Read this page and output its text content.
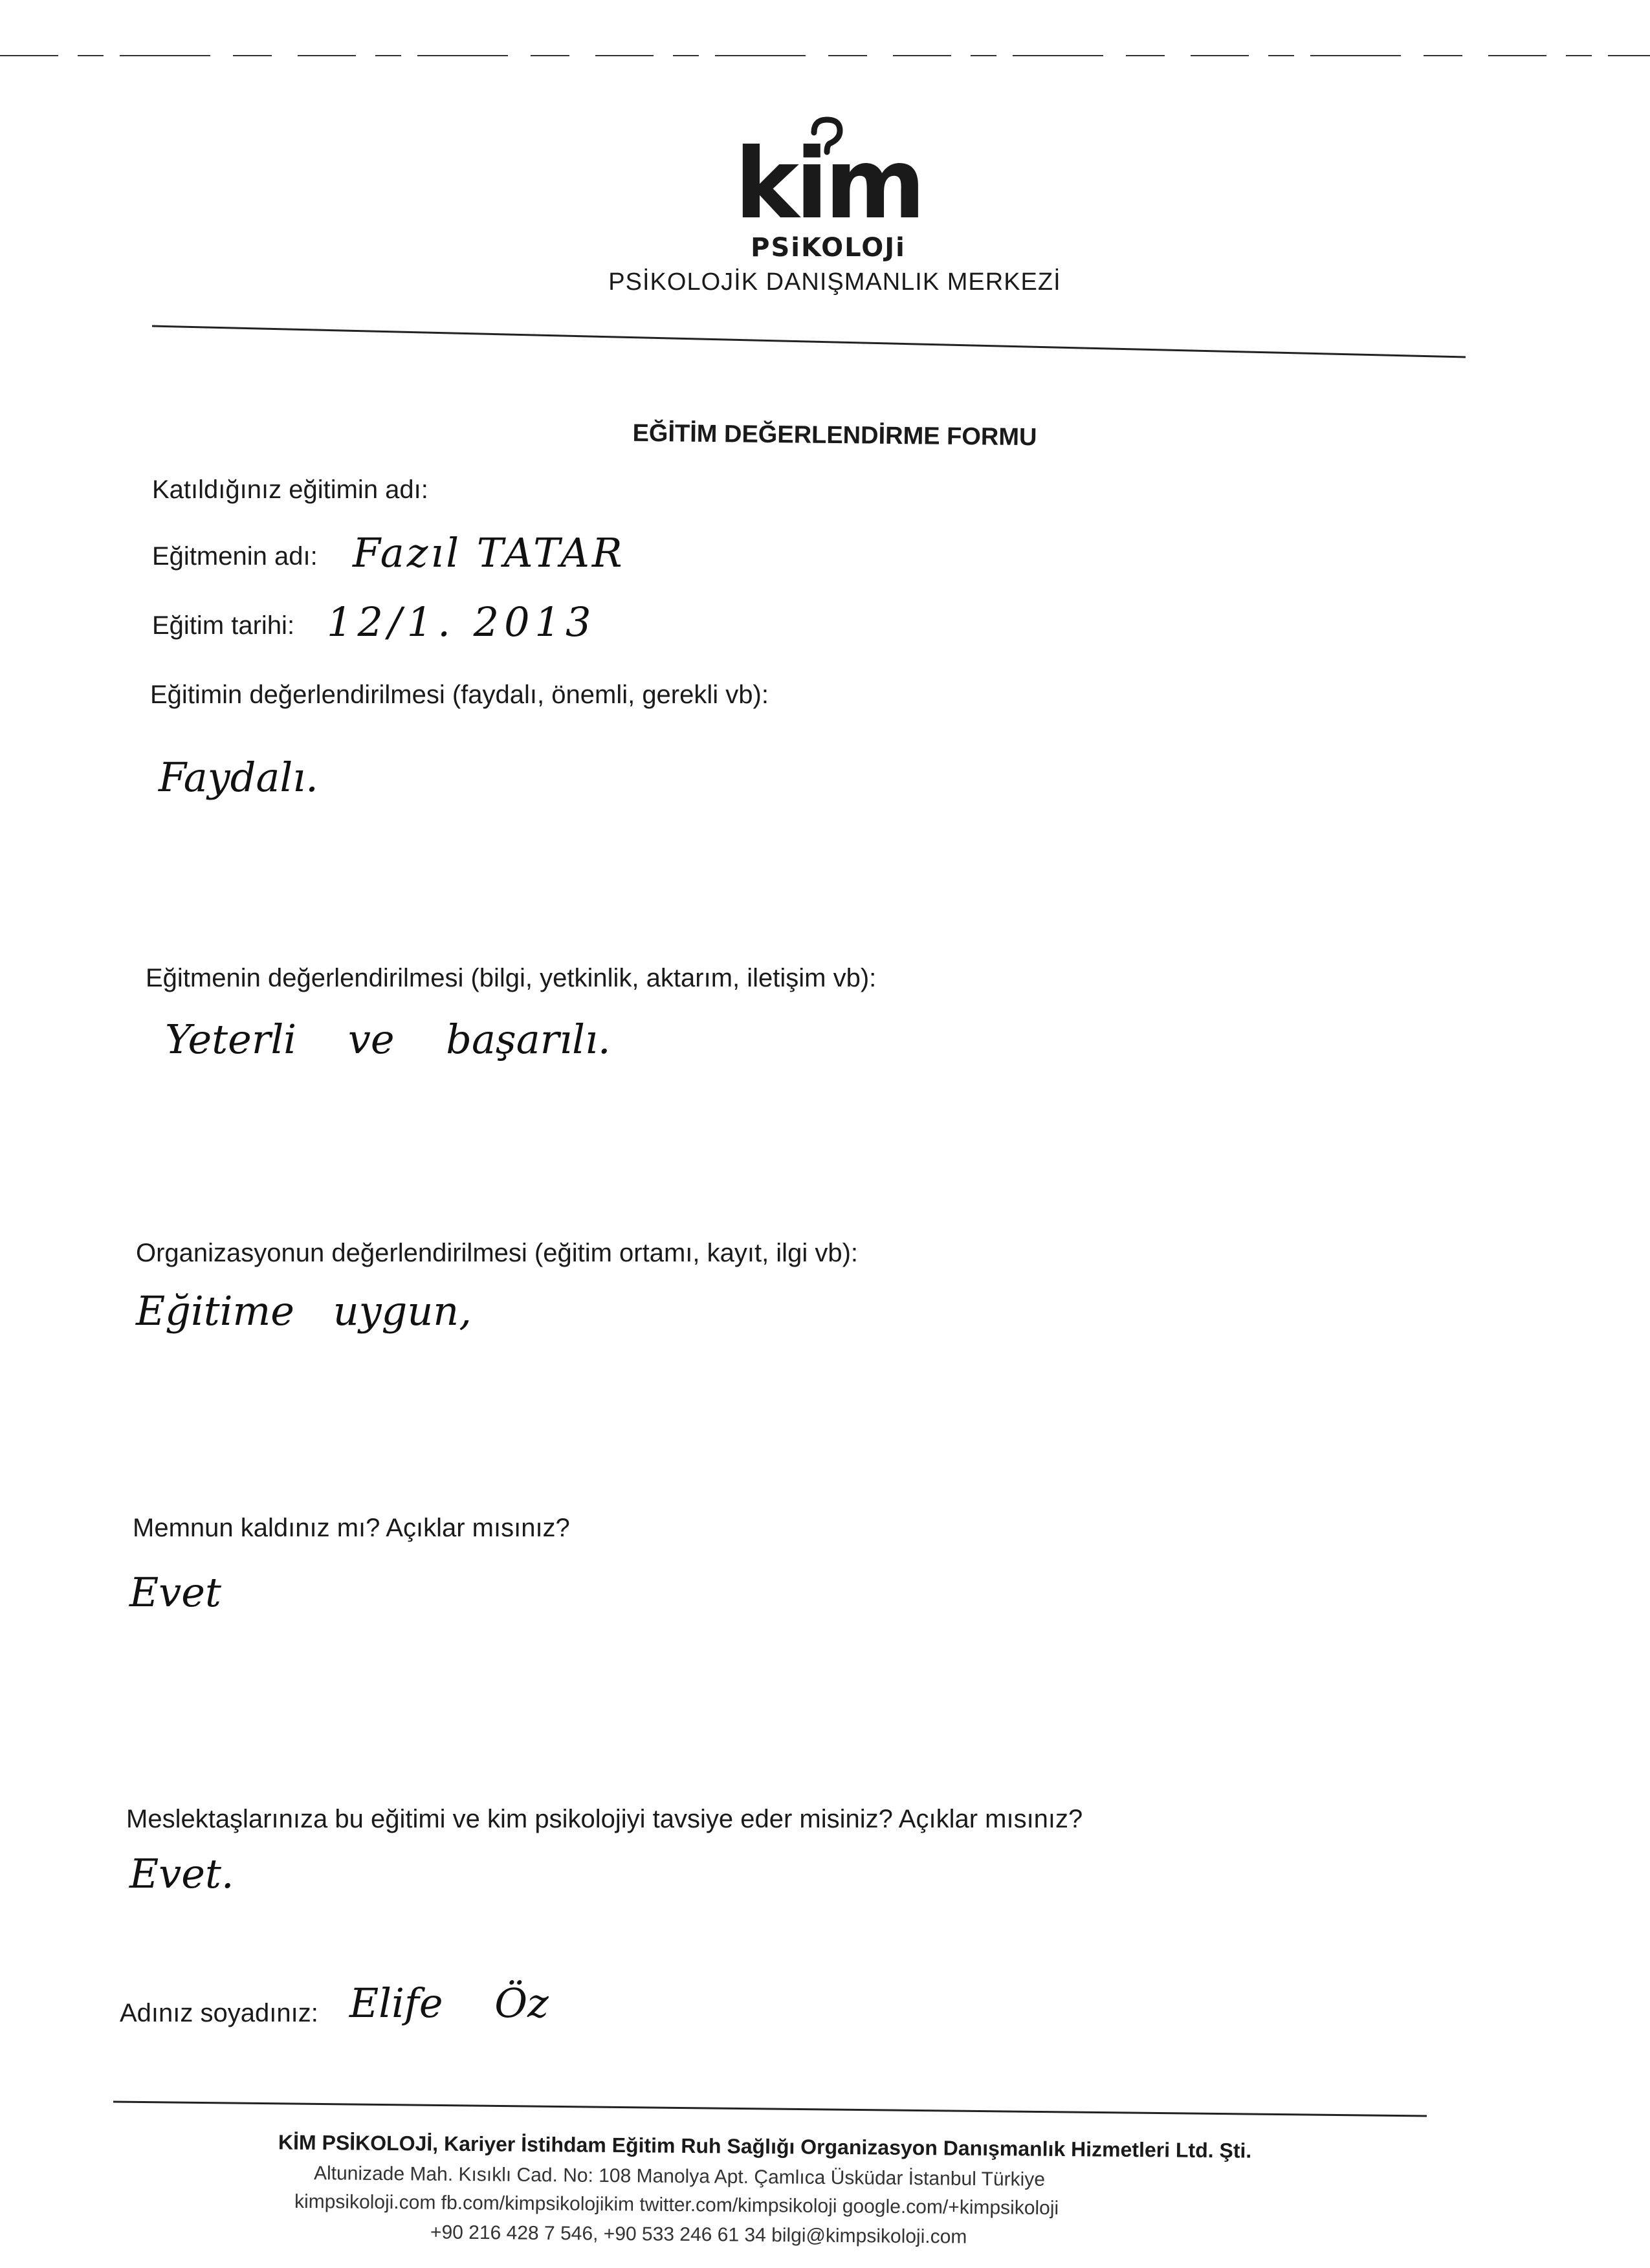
kim
PSiKOLOJi
PSİKOLOJİK DANIŞMANLIK MERKEZİ
EĞİTİM DEĞERLENDİRME FORMU
Katıldığınız eğitimin adı:
Eğitmenin adı: Fazıl TATAR
Eğitim tarihi: 12/1. 2013
Eğitimin değerlendirilmesi (faydalı, önemli, gerekli vb):
Faydalı.
Eğitmenin değerlendirilmesi (bilgi, yetkinlik, aktarım, iletişim vb):
Yeterli ve başarılı.
Organizasyonun değerlendirilmesi (eğitim ortamı, kayıt, ilgi vb):
Eğitime uygun,
Memnun kaldınız mı? Açıklar mısınız?
Evet
Meslektaşlarınıza bu eğitimi ve kim psikolojiyi tavsiye eder misiniz? Açıklar mısınız?
Evet.
Adınız soyadınız: Elife Öz
KİM PSİKOLOJİ, Kariyer İstihdam Eğitim Ruh Sağlığı Organizasyon Danışmanlık Hizmetleri Ltd. Şti.
Altunizade Mah. Kısıklı Cad. No: 108 Manolya Apt. Çamlıca Üsküdar İstanbul Türkiye
kimpsikoloji.com fb.com/kimpsikolojikim twitter.com/kimpsikoloji google.com/+kimpsikoloji
+90 216 428 7 546, +90 533 246 61 34 bilgi@kimpsikoloji.com
